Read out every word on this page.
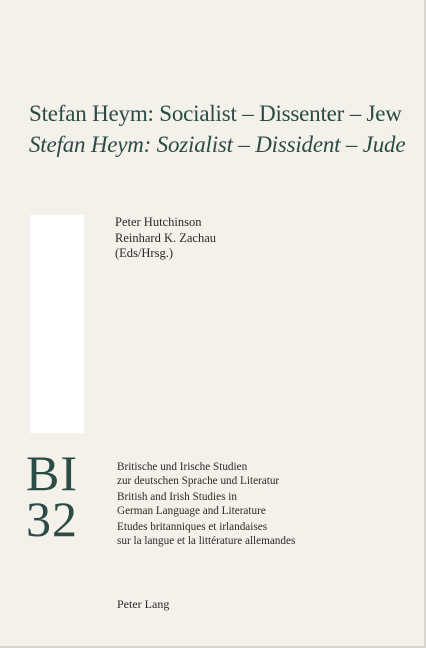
Stefan Heym: Socialist – Dissenter – Jew
Stefan Heym: Sozialist – Dissident – Jude
Peter Hutchinson
Reinhard K. Zachau
(Eds/Hrsg.)
BI
32
Britische und Irische Studien
zur deutschen Sprache und Literatur
British and Irish Studies in
German Language and Literature
Etudes britanniques et irlandaises
sur la langue et la littérature allemandes
Peter Lang
